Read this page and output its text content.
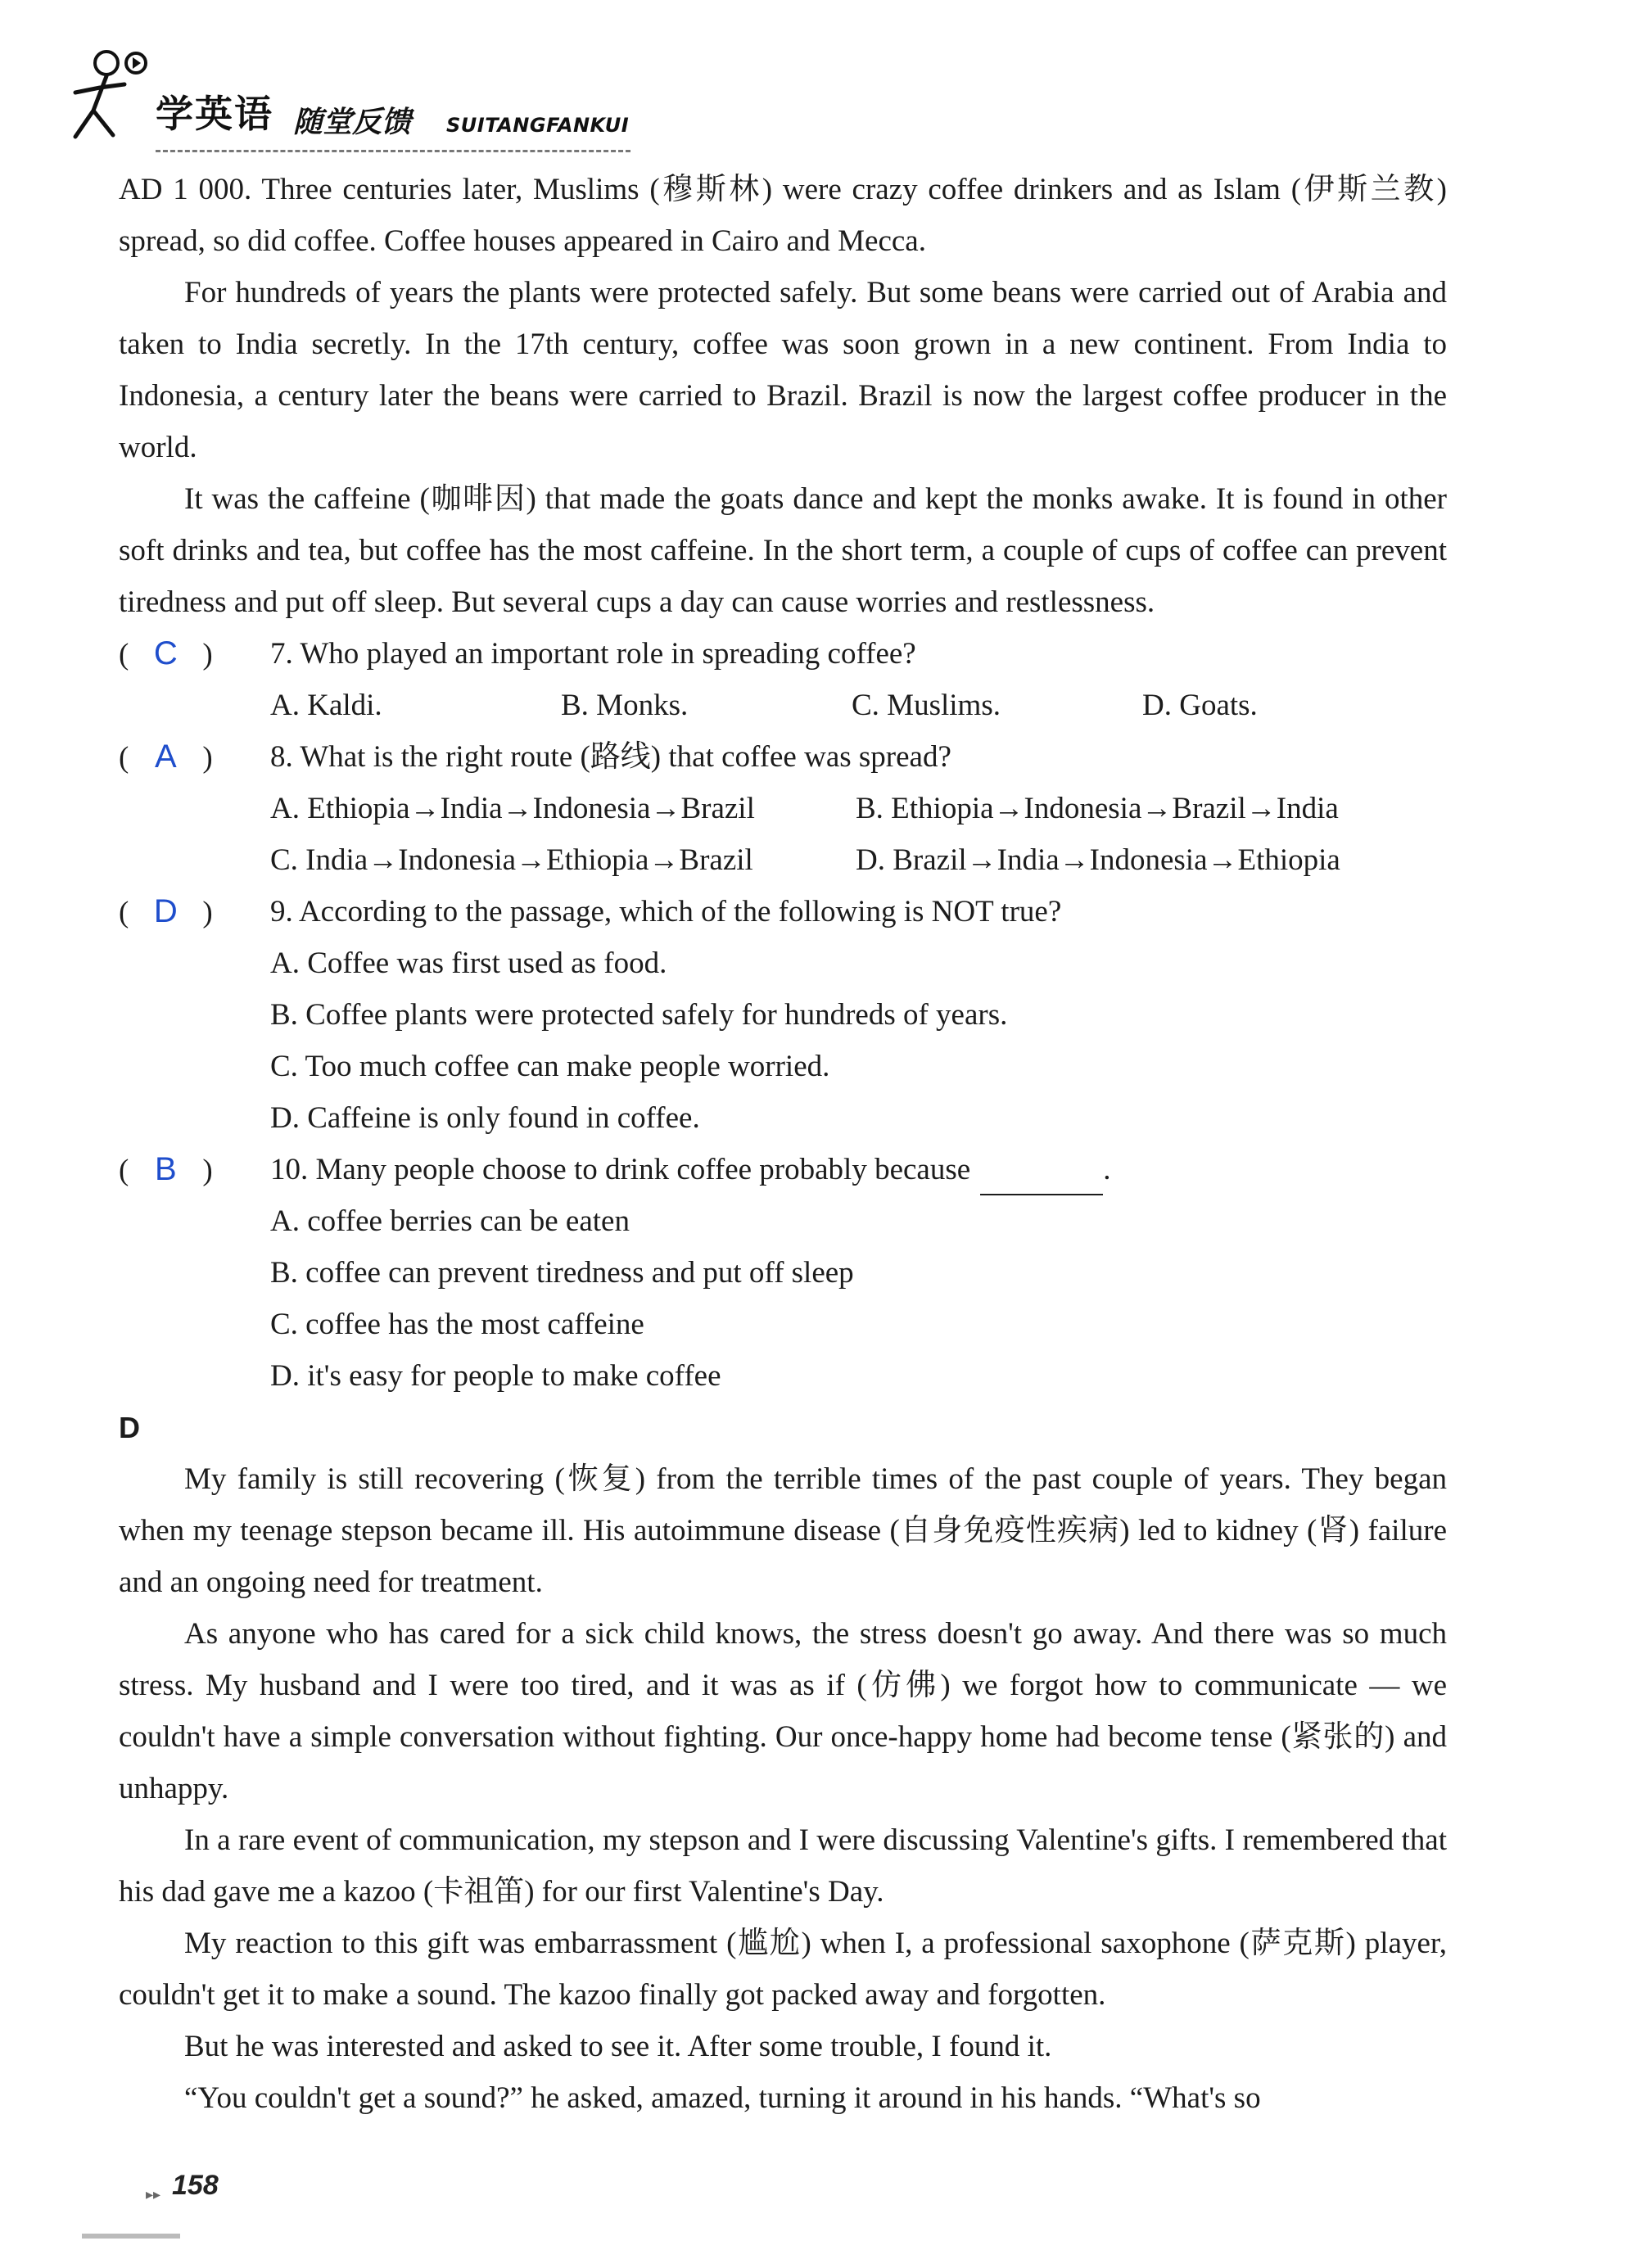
学英语 随堂反馈 SUITANGFANKUI

AD 1 000. Three centuries later, Muslims (穆斯林) were crazy coffee drinkers and as Islam (伊斯兰教) spread, so did coffee. Coffee houses appeared in Cairo and Mecca.

For hundreds of years the plants were protected safely. But some beans were carried out of Arabia and taken to India secretly. In the 17th century, coffee was soon grown in a new continent. From India to Indonesia, a century later the beans were carried to Brazil. Brazil is now the largest coffee producer in the world.

It was the caffeine (咖啡因) that made the goats dance and kept the monks awake. It is found in other soft drinks and tea, but coffee has the most caffeine. In the short term, a couple of cups of coffee can prevent tiredness and put off sleep. But several cups a day can cause worries and restlessness.

( C )	7. Who played an important role in spreading coffee?

A. Kaldi.	B. Monks.	C. Muslims.	D. Goats.

( A )	8. What is the right route (路线) that coffee was spread?

A. Ethiopia→India→Indonesia→Brazil	B. Ethiopia→Indonesia→Brazil→India
C. India→Indonesia→Ethiopia→Brazil	D. Brazil→India→Indonesia→Ethiopia

( D )	9. According to the passage, which of the following is NOT true?

A. Coffee was first used as food.
B. Coffee plants were protected safely for hundreds of years.
C. Too much coffee can make people worried.
D. Caffeine is only found in coffee.

( B )	10. Many people choose to drink coffee probably because	.

A. coffee berries can be eaten
B. coffee can prevent tiredness and put off sleep
C. coffee has the most caffeine
D. it's easy for people to make coffee

D

My family is still recovering (恢复) from the terrible times of the past couple of years. They began when my teenage stepson became ill. His autoimmune disease (自身免疫性疾病) led to kidney (肾) failure and an ongoing need for treatment.

As anyone who has cared for a sick child knows, the stress doesn't go away. And there was so much stress. My husband and I were too tired, and it was as if (仿佛) we forgot how to communicate — we couldn't have a simple conversation without fighting. Our once-happy home had become tense (紧张的) and unhappy.

In a rare event of communication, my stepson and I were discussing Valentine's gifts. I remembered that his dad gave me a kazoo (卡祖笛) for our first Valentine's Day.

My reaction to this gift was embarrassment (尴尬) when I, a professional saxophone (萨克斯) player, couldn't get it to make a sound. The kazoo finally got packed away and forgotten.

But he was interested and asked to see it. After some trouble, I found it.

“You couldn't get a sound?” he asked, amazed, turning it around in his hands. “What's so

▸▸ 158
